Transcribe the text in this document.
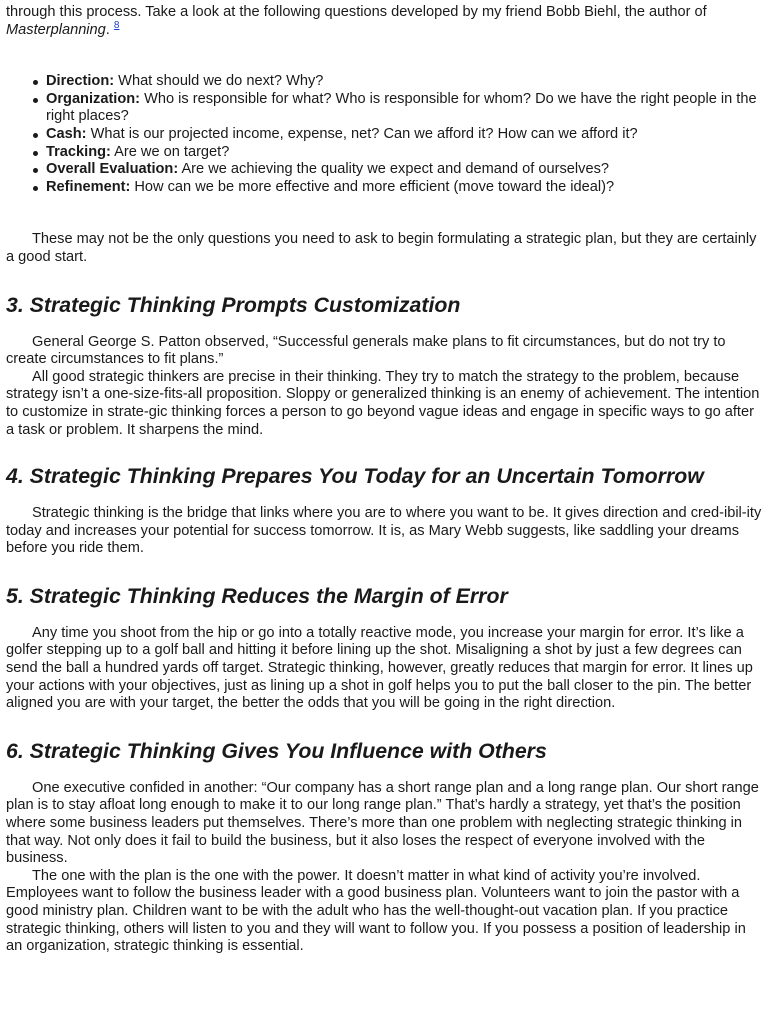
through this process. Take a look at the following questions developed by my friend Bobb Biehl, the author of Masterplanning. $^8$

Direction: What should we do next? Why?
Organization: Who is responsible for what? Who is responsible for whom? Do we have the right people in the right places?
Cash: What is our projected income, expense, net? Can we afford it? How can we afford it?
Tracking: Are we on target?
Overall Evaluation: Are we achieving the quality we expect and demand of ourselves?
Refinement: How can we be more effective and more efficient (move toward the ideal)?

These may not be the only questions you need to ask to begin formulating a strategic plan, but they are certainly a good start.

3. Strategic Thinking Prompts Customization

General George S. Patton observed, “Successful generals make plans to fit circumstances, but do not try to create circumstances to fit plans.”

All good strategic thinkers are precise in their thinking. They try to match the strategy to the problem, because strategy isn’t a one-size-fits-all proposition. Sloppy or generalized thinking is an enemy of achievement. The intention to customize in strate-gic thinking forces a person to go beyond vague ideas and engage in specific ways to go after a task or problem. It sharpens the mind.

4. Strategic Thinking Prepares You Today for an Uncertain Tomorrow

Strategic thinking is the bridge that links where you are to where you want to be. It gives direction and cred-ibil-ity today and increases your potential for success tomorrow. It is, as Mary Webb suggests, like saddling your dreams before you ride them.

5. Strategic Thinking Reduces the Margin of Error

Any time you shoot from the hip or go into a totally reactive mode, you increase your margin for error. It’s like a golfer stepping up to a golf ball and hitting it before lining up the shot. Misaligning a shot by just a few degrees can send the ball a hundred yards off target. Strategic thinking, however, greatly reduces that margin for error. It lines up your actions with your objectives, just as lining up a shot in golf helps you to put the ball closer to the pin. The better aligned you are with your target, the better the odds that you will be going in the right direction.

6. Strategic Thinking Gives You Influence with Others

One executive confided in another: “Our company has a short range plan and a long range plan. Our short range plan is to stay afloat long enough to make it to our long range plan.” That’s hardly a strategy, yet that’s the position where some business leaders put themselves. There’s more than one problem with neglecting strategic thinking in that way. Not only does it fail to build the business, but it also loses the respect of everyone involved with the business.

The one with the plan is the one with the power. It doesn’t matter in what kind of activity you’re involved. Employees want to follow the business leader with a good business plan. Volunteers want to join the pastor with a good ministry plan. Children want to be with the adult who has the well-thought-out vacation plan. If you practice strategic thinking, others will listen to you and they will want to follow you. If you possess a position of leadership in an organization, strategic thinking is essential.
